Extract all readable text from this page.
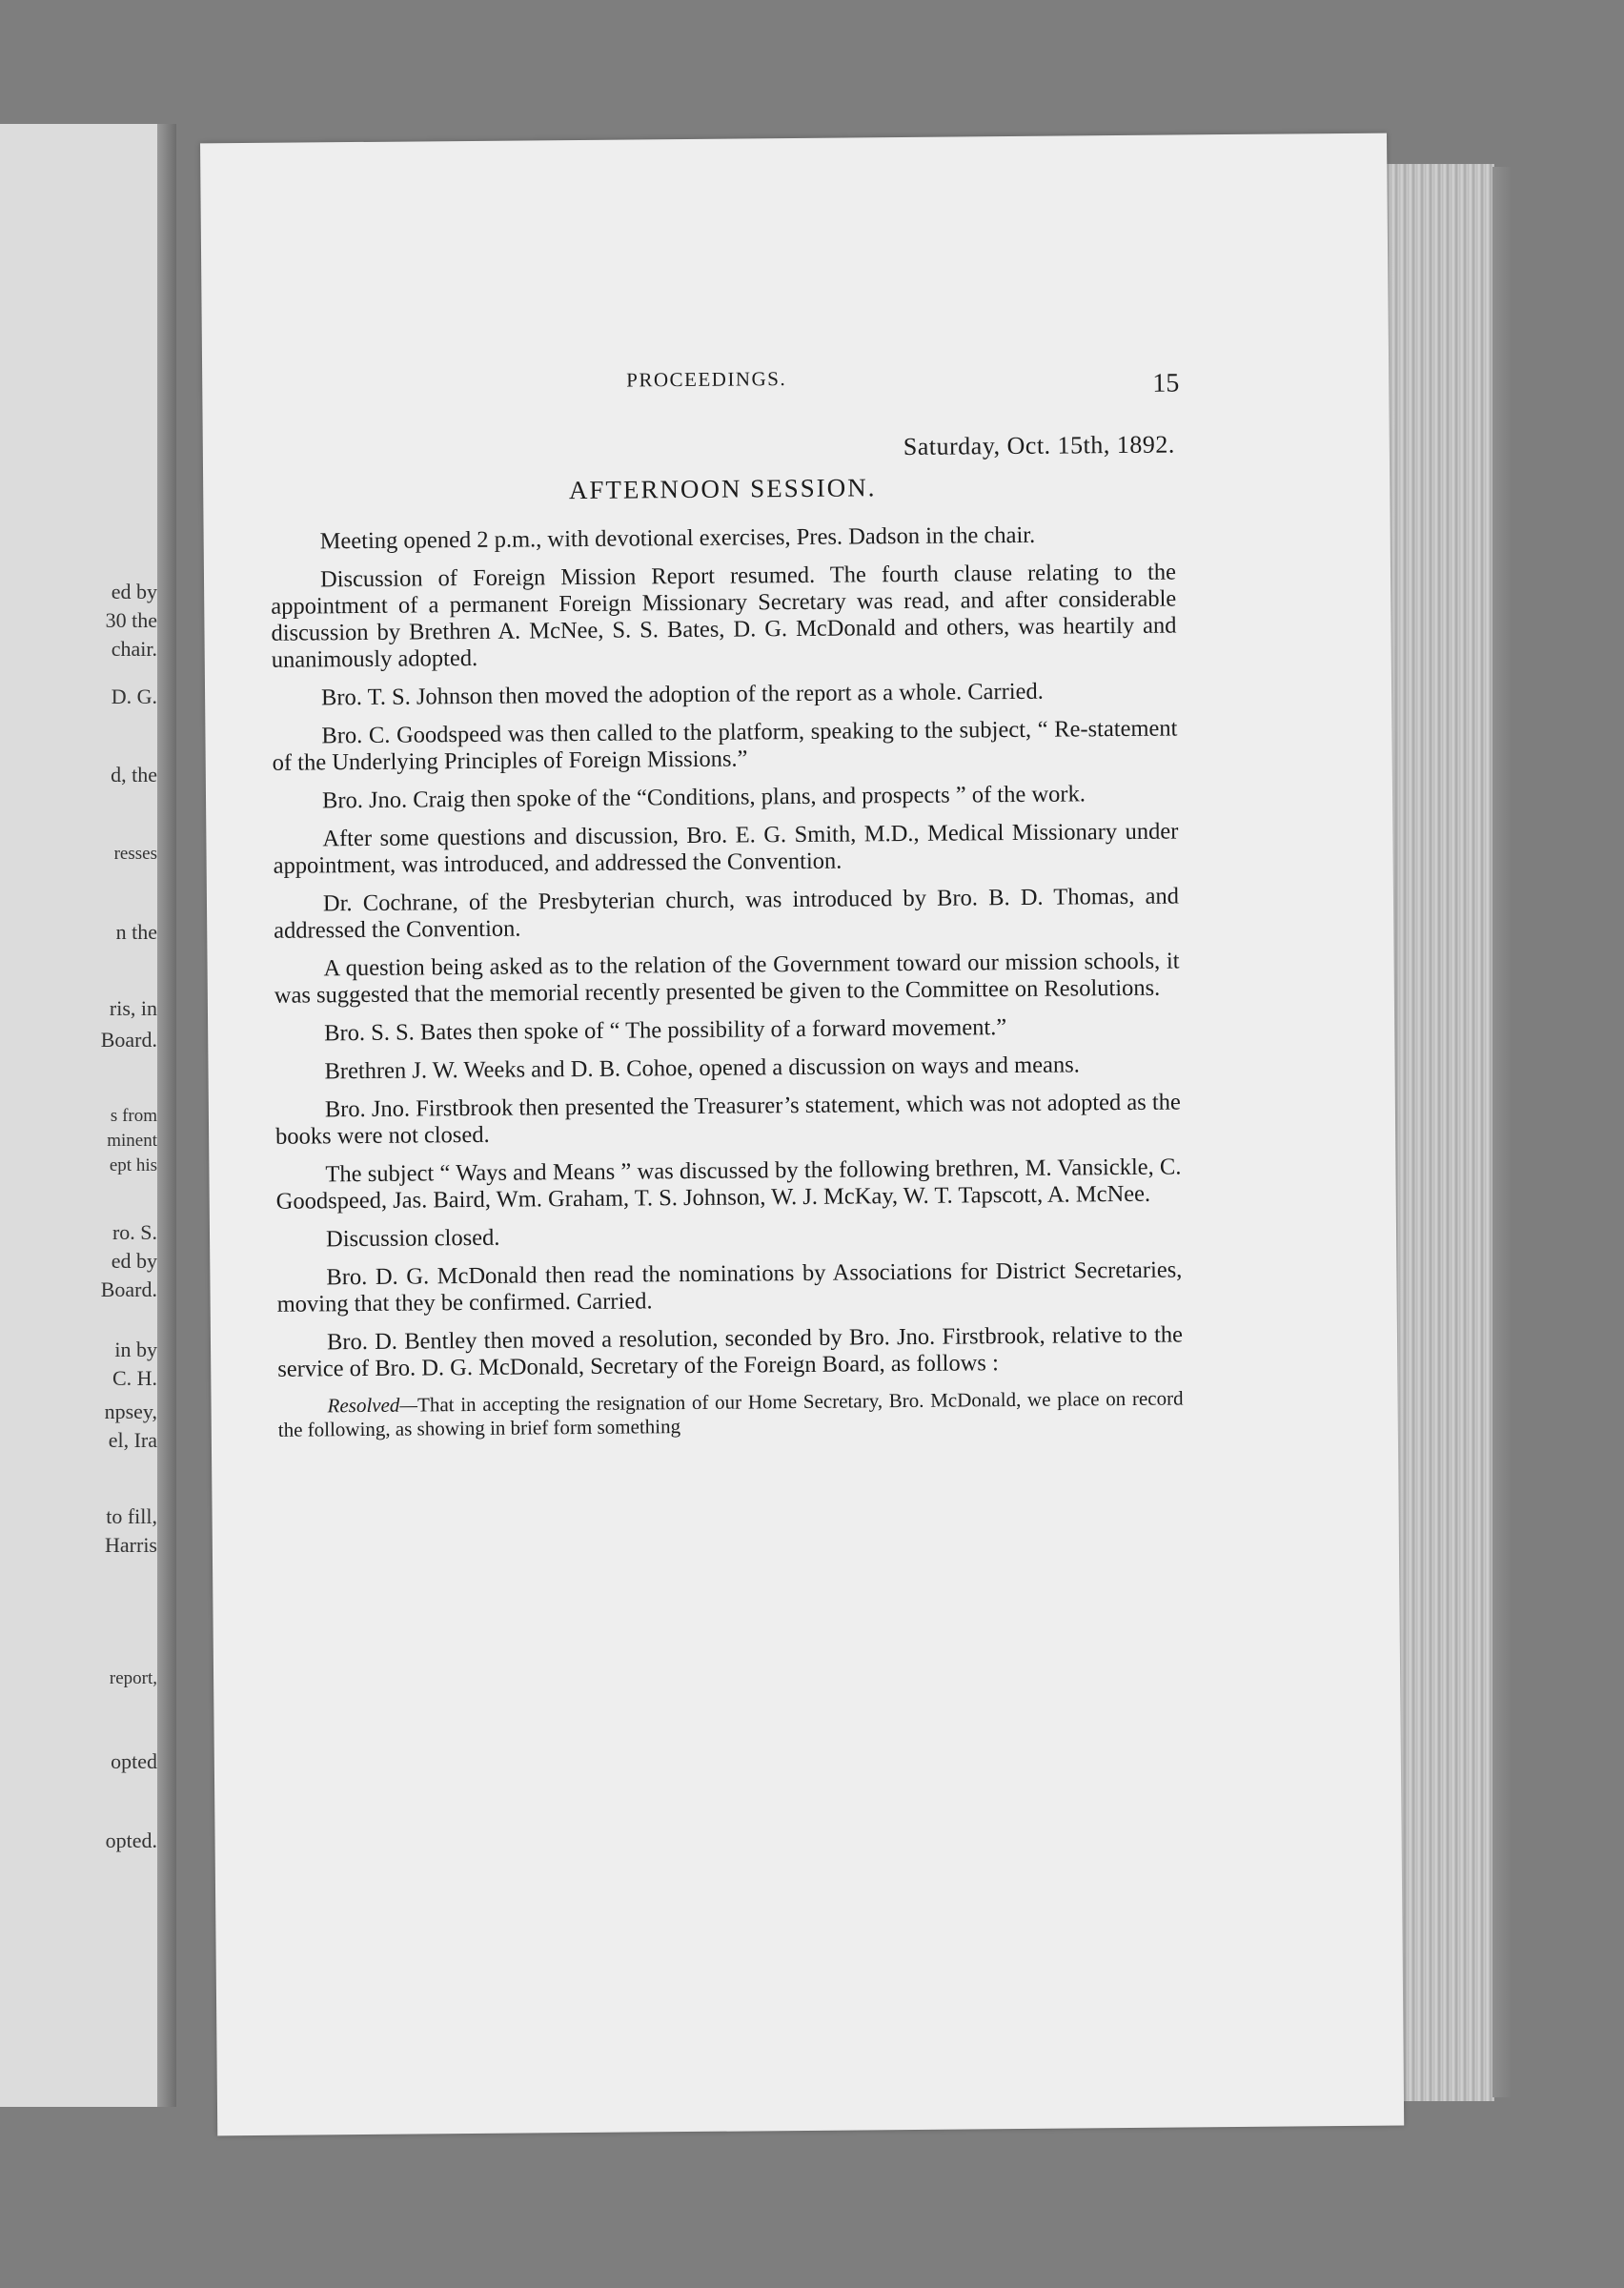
ed by
30 the
chair.
D. G.
d, the
resses
n the
ris, in
Board.
s from
minent
ept his
ro. S.
ed by
Board.
in by
C. H.
npsey,
el, Ira
to fill,
Harris
report,
opted
opted.
PROCEEDINGS.	15
Saturday, Oct. 15th, 1892.
AFTERNOON SESSION.

Meeting opened 2 p.m., with devotional exercises, Pres. Dadson in the chair.

Discussion of Foreign Mission Report resumed. The fourth clause relating to the appointment of a permanent Foreign Missionary Secretary was read, and after considerable discussion by Brethren A. McNee, S. S. Bates, D. G. McDonald and others, was heartily and unanimously adopted.

Bro. T. S. Johnson then moved the adoption of the report as a whole. Carried.

Bro. C. Goodspeed was then called to the platform, speaking to the subject, “ Re-statement of the Underlying Principles of Foreign Missions.”

Bro. Jno. Craig then spoke of the “Conditions, plans, and prospects ” of the work.

After some questions and discussion, Bro. E. G. Smith, M.D., Medical Missionary under appointment, was introduced, and addressed the Convention.

Dr. Cochrane, of the Presbyterian church, was introduced by Bro. B. D. Thomas, and addressed the Convention.

A question being asked as to the relation of the Government toward our mission schools, it was suggested that the memorial recently presented be given to the Committee on Resolutions.

Bro. S. S. Bates then spoke of “ The possibility of a forward movement.”

Brethren J. W. Weeks and D. B. Cohoe, opened a discussion on ways and means.

Bro. Jno. Firstbrook then presented the Treasurer’s statement, which was not adopted as the books were not closed.

The subject “ Ways and Means ” was discussed by the following brethren, M. Vansickle, C. Goodspeed, Jas. Baird, Wm. Graham, T. S. Johnson, W. J. McKay, W. T. Tapscott, A. McNee.

Discussion closed.

Bro. D. G. McDonald then read the nominations by Associations for District Secretaries, moving that they be confirmed. Carried.

Bro. D. Bentley then moved a resolution, seconded by Bro. Jno. Firstbrook, relative to the service of Bro. D. G. McDonald, Secretary of the Foreign Board, as follows :

Resolved—That in accepting the resignation of our Home Secretary, Bro. McDonald, we place on record the following, as showing in brief form something
